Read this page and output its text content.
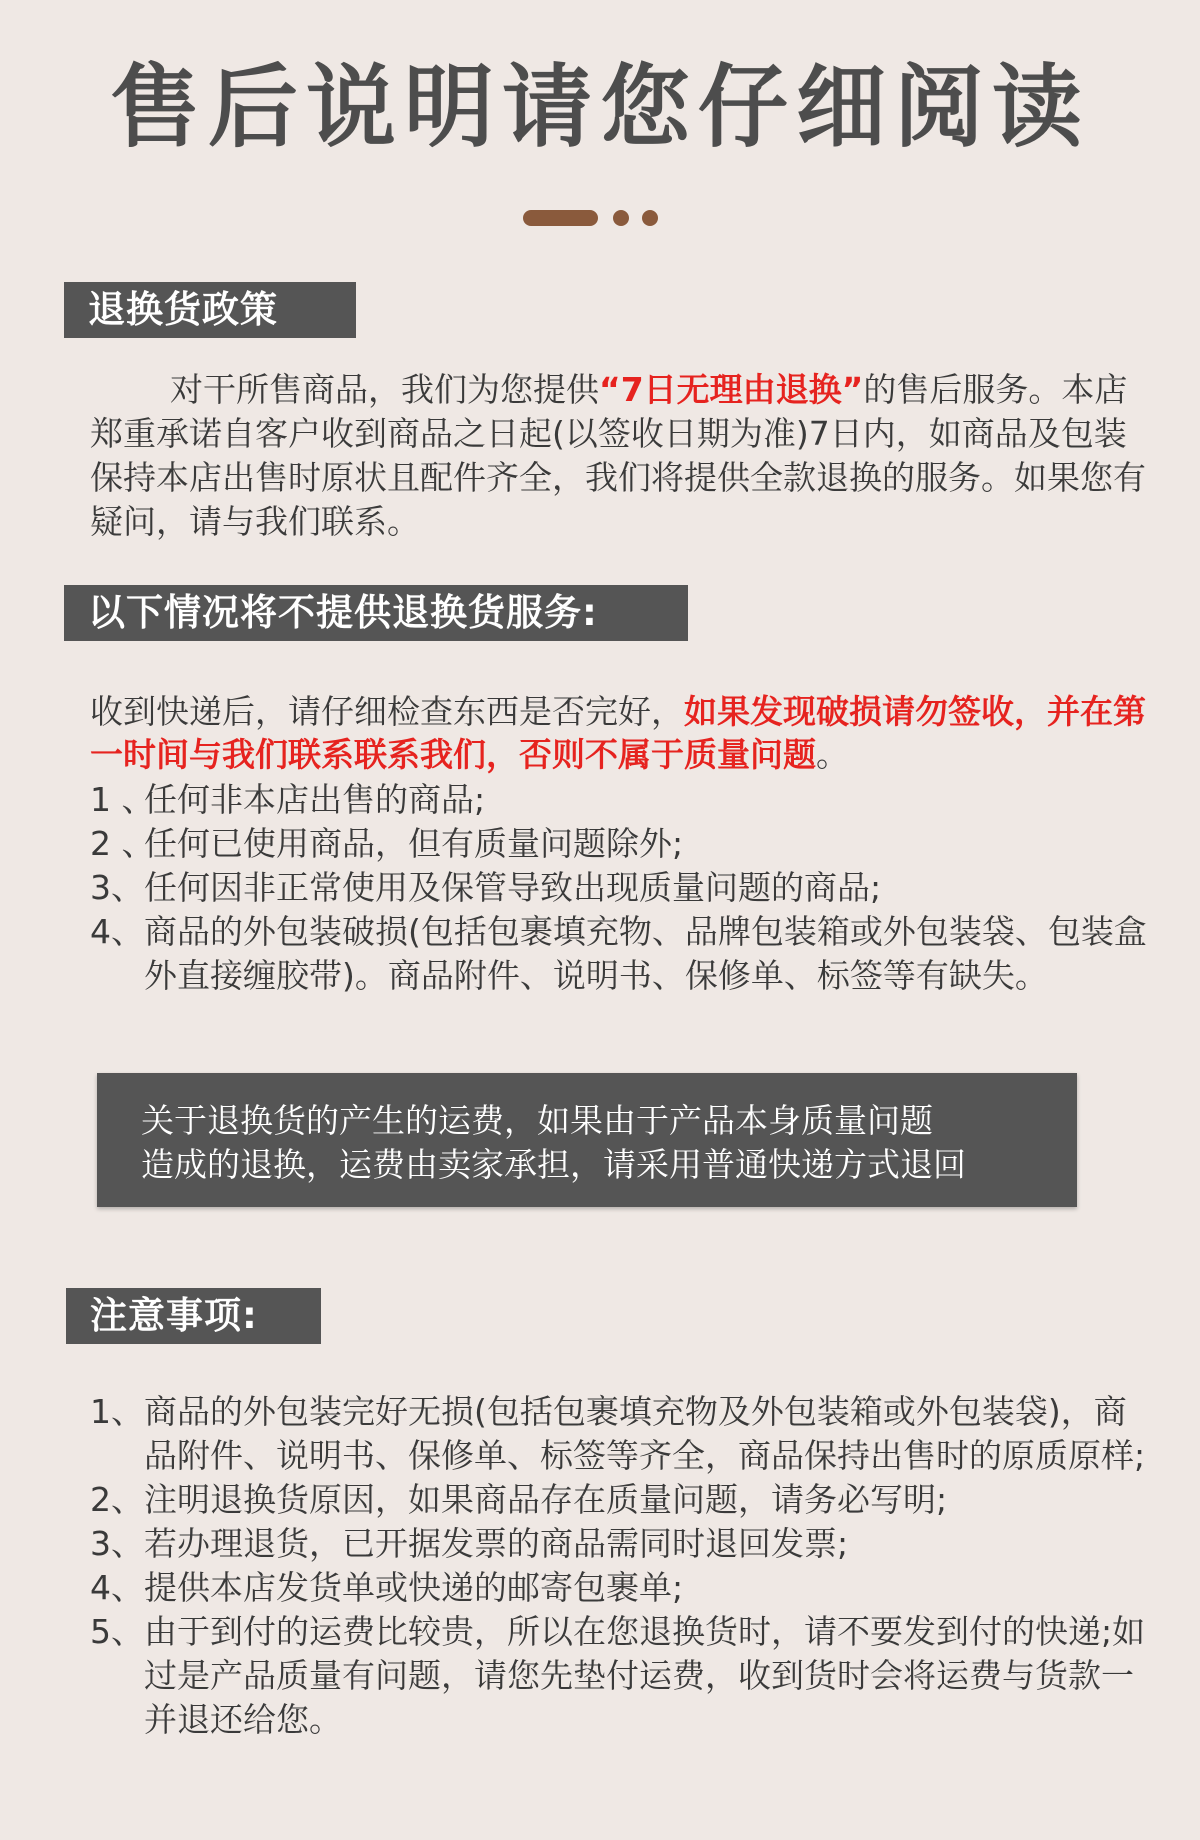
售后说明请您仔细阅读
退换货政策
对干所售商品，我们为您提供“7日无理由退换”的售后服务。本店郑重承诺自客户收到商品之日起(以签收日期为准)7日内，如商品及包装保持本店出售时原状且配件齐全，我们将提供全款退换的服务。如果您有疑问，请与我们联系。
以下情况将不提供退换货服务:
收到快递后，请仔细检查东西是否完好，如果发现破损请勿签收，并在第一时间与我们联系联系我们，否则不属于质量问题。
1 、
任何非本店出售的商品;
2 、
任何已使用商品，但有质量问题除外;
3、 任何因非正常使用及保管导致出现质量问题的商品;
4、 商品的外包装破损(包括包裹填充物、品牌包装箱或外包装袋、包装盒外直接缠胶带)。商品附件、说明书、保修单、标签等有缺失。
关于退换货的产生的运费，如果由于产品本身质量问题
造成的退换，运费由卖家承担，请采用普通快递方式退回
注意事项:
1、 商品的外包装完好无损(包括包裹填充物及外包装箱或外包装袋)，商品附件、说明书、保修单、标签等齐全，商品保持出售时的原质原样;
2、 注明退换货原因，如果商品存在质量问题，请务必写明;
3、 若办理退货，已开据发票的商品需同时退回发票;
4、 提供本店发货单或快递的邮寄包裹单;
5、 由于到付的运费比较贵，所以在您退换货时，请不要发到付的快递;如过是产品质量有问题，请您先垫付运费，收到货时会将运费与货款一并退还给您。
